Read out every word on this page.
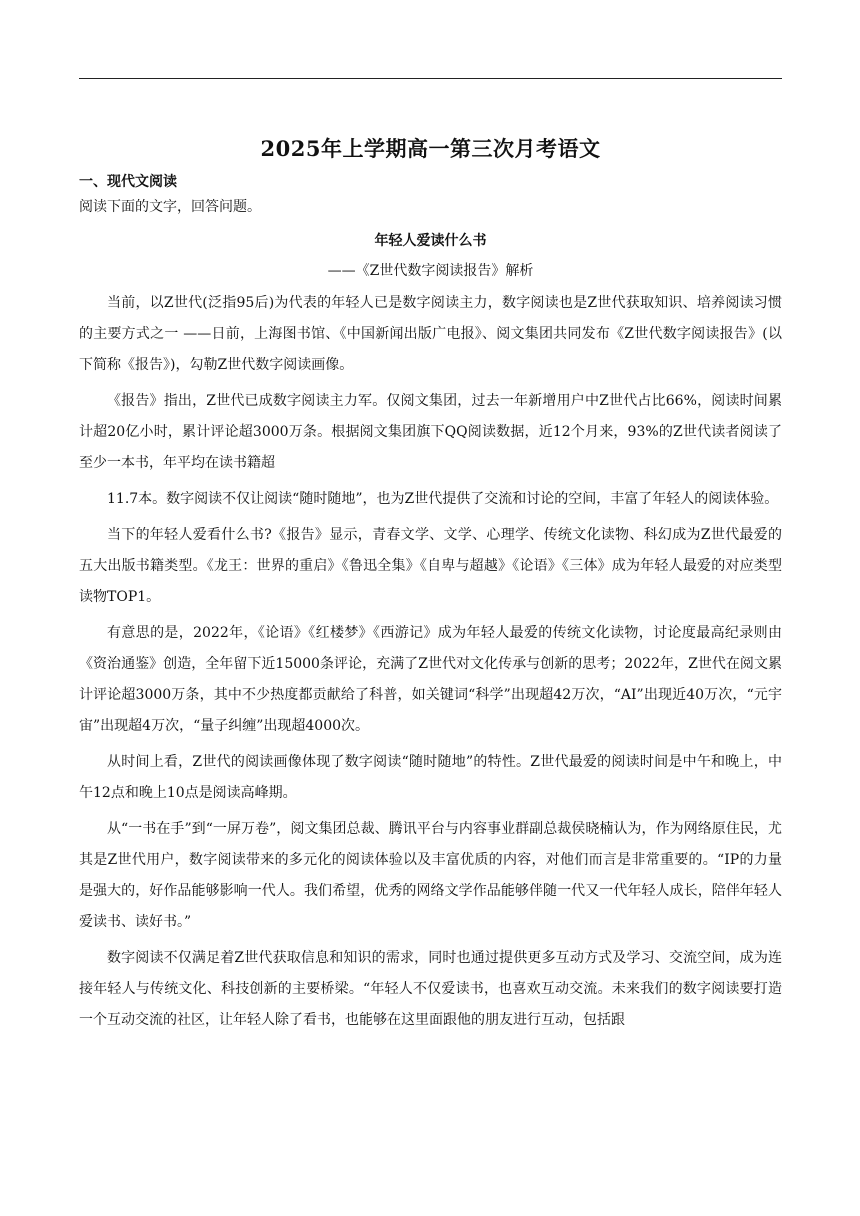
2025年上学期高一第三次月考语文
一、现代文阅读
阅读下面的文字，回答问题。
年轻人爱读什么书
——《Z世代数字阅读报告》解析

当前，以Z世代(泛指95后)为代表的年轻人已是数字阅读主力，数字阅读也是Z世代获取知识、培养阅读习惯的主要方式之一 ——日前，上海图书馆、《中国新闻出版广电报》、阅文集团共同发布《Z世代数字阅读报告》(以下简称《报告》)，勾勒Z世代数字阅读画像。

《报告》指出，Z世代已成数字阅读主力军。仅阅文集团，过去一年新增用户中Z世代占比66%，阅读时间累计超20亿小时，累计评论超3000万条。根据阅文集团旗下QQ阅读数据，近12个月来，93%的Z世代读者阅读了至少一本书，年平均在读书籍超

11.7本。数字阅读不仅让阅读“随时随地”，也为Z世代提供了交流和讨论的空间，丰富了年轻人的阅读体验。

当下的年轻人爱看什么书?《报告》显示，青春文学、文学、心理学、传统文化读物、科幻成为Z世代最爱的五大出版书籍类型。《龙王：世界的重启》《鲁迅全集》《自卑与超越》《论语》《三体》成为年轻人最爱的对应类型读物TOP1。

有意思的是，2022年，《论语》《红楼梦》《西游记》成为年轻人最爱的传统文化读物，讨论度最高纪录则由《资治通鉴》创造，全年留下近15000条评论，充满了Z世代对文化传承与创新的思考；2022年，Z世代在阅文累计评论超3000万条，其中不少热度都贡献给了科普，如关键词“科学”出现超42万次，“AI”出现近40万次，“元宇宙”出现超4万次，“量子纠缠”出现超4000次。

从时间上看，Z世代的阅读画像体现了数字阅读“随时随地”的特性。Z世代最爱的阅读时间是中午和晚上，中午12点和晚上10点是阅读高峰期。

从“一书在手”到“一屏万卷”，阅文集团总裁、腾讯平台与内容事业群副总裁侯晓楠认为，作为网络原住民，尤其是Z世代用户，数字阅读带来的多元化的阅读体验以及丰富优质的内容，对他们而言是非常重要的。“IP的力量是强大的，好作品能够影响一代人。我们希望，优秀的网络文学作品能够伴随一代又一代年轻人成长，陪伴年轻人爱读书、读好书。”

数字阅读不仅满足着Z世代获取信息和知识的需求，同时也通过提供更多互动方式及学习、交流空间，成为连接年轻人与传统文化、科技创新的主要桥梁。“年轻人不仅爱读书，也喜欢互动交流。未来我们的数字阅读要打造一个互动交流的社区，让年轻人除了看书，也能够在这里面跟他的朋友进行互动，包括跟
